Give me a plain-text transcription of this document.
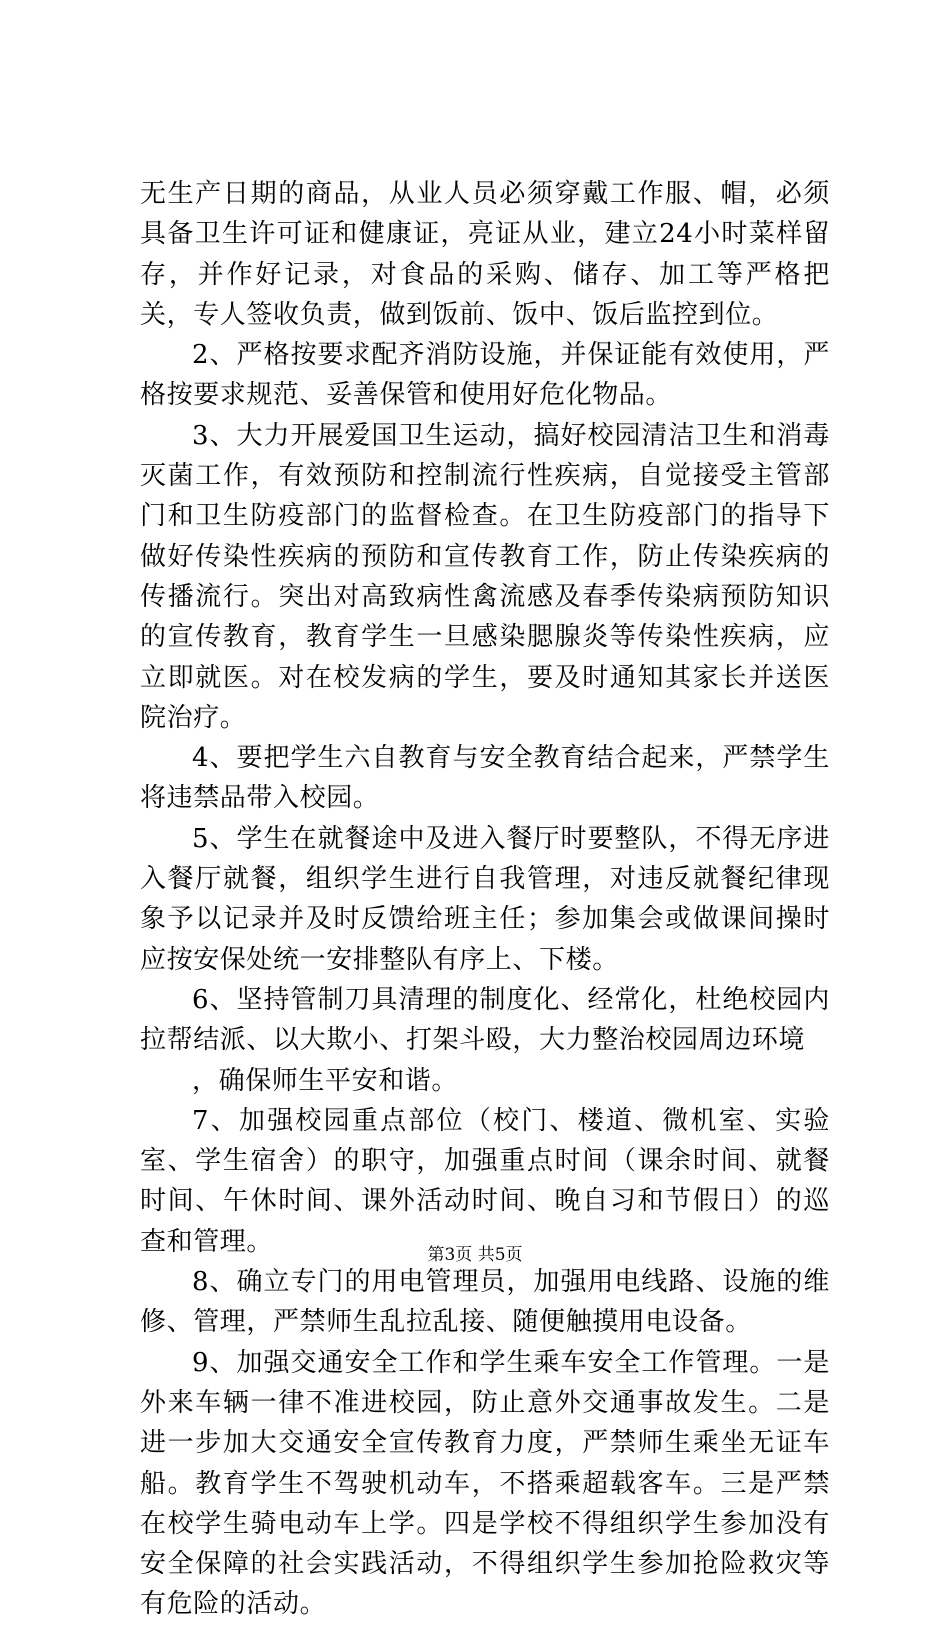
无生产日期的商品，从业人员必须穿戴工作服、帽，必须具备卫生许可证和健康证，亮证从业，建立24小时菜样留存，并作好记录，对食品的采购、储存、加工等严格把关，专人签收负责，做到饭前、饭中、饭后监控到位。

2、严格按要求配齐消防设施，并保证能有效使用，严格按要求规范、妥善保管和使用好危化物品。

3、大力开展爱国卫生运动，搞好校园清洁卫生和消毒灭菌工作，有效预防和控制流行性疾病，自觉接受主管部门和卫生防疫部门的监督检查。在卫生防疫部门的指导下做好传染性疾病的预防和宣传教育工作，防止传染疾病的传播流行。突出对高致病性禽流感及春季传染病预防知识的宣传教育，教育学生一旦感染腮腺炎等传染性疾病，应立即就医。对在校发病的学生，要及时通知其家长并送医院治疗。

4、要把学生六自教育与安全教育结合起来，严禁学生将违禁品带入校园。

5、学生在就餐途中及进入餐厅时要整队，不得无序进入餐厅就餐，组织学生进行自我管理，对违反就餐纪律现象予以记录并及时反馈给班主任；参加集会或做课间操时应按安保处统一安排整队有序上、下楼。

6、坚持管制刀具清理的制度化、经常化，杜绝校园内拉帮结派、以大欺小、打架斗殴，大力整治校园周边环境

，确保师生平安和谐。

7、加强校园重点部位（校门、楼道、微机室、实验室、学生宿舍）的职守，加强重点时间（课余时间、就餐时间、午休时间、课外活动时间、晚自习和节假日）的巡查和管理。

8、确立专门的用电管理员，加强用电线路、设施的维修、管理，严禁师生乱拉乱接、随便触摸用电设备。

9、加强交通安全工作和学生乘车安全工作管理。一是外来车辆一律不准进校园，防止意外交通事故发生。二是进一步加大交通安全宣传教育力度，严禁师生乘坐无证车船。教育学生不驾驶机动车，不搭乘超载客车。三是严禁在校学生骑电动车上学。四是学校不得组织学生参加没有安全保障的社会实践活动，不得组织学生参加抢险救灾等有危险的活动。

第3页 共5页
